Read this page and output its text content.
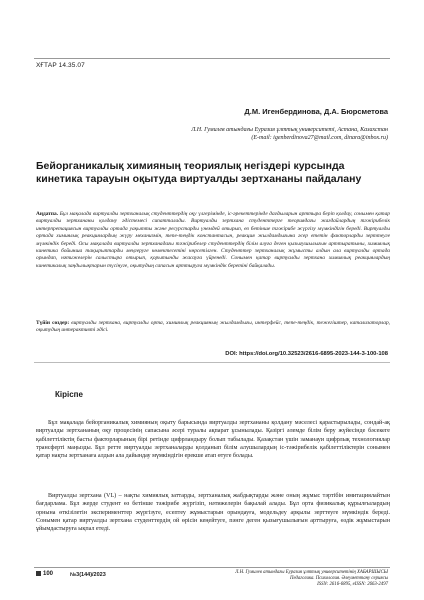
ХҒТАР 14.35.07
Д.М. Игенбердинова, Д.А. Бюрсметова
Л.Н. Гумилев атындағы Еуразия ұлттық университеті, Астана, Казахстан
(E-mail: igenberdinova27@mail.com, dinara@inbox.ru)
Бейорганикалық химияның теориялық негіздері курсында кинетика тарауын оқытуда виртуалды зертхананы пайдалану
Аңдатпа. Бұл мақалада виртуалды зертханалық студенттердің оқу үлгерімінде, іс-әрекеттерінде дағдыларын арттыра беріп қолдау, сонымен қатар виртуалды зертхананы қолдану әдістемесі сипатталады. Виртуалды зертхана студенттерге теориядағы жағдайлардың тәжірибелік интерпретациясын виртуалды ортада уақытты және ресурстарды үнемдей отырып, өз бетінше тәжірибе жүргізу мүмкіндігін береді. Виртуалды ортада химиялық реакциялардың жүру механизмін, тепе-теңдік константасын, реакция жылдамдығына әсер ететін факторларды зерттеуге мүмкіндік береді. Осы мақалада виртуалды зертханадағы тәжірибелер студенттердің білім алуға деген қызығушылығын арттыратыны, химиялық кинетика бойынша тақырыптарды меңгеруге көмектесетіні көрсетілген. Студенттер зертханалық жұмысты алдын ала виртуалды ортада орындап, нәтижелерін салыстыра отырып, қорытынды жасауға үйренеді. Сонымен қатар виртуалды зертхана химиялық реакциялардың кинетикалық заңдылықтарын түсінуге, оқытудың сапасын арттыруға мүмкіндік беретіні байқалады.
Түйін сөздер: виртуалды зертхана, виртуалды орта, химиялық реакцияның жылдамдығы, интерфейс, тепе-теңдік, тежегіштер, катализаторлар, оқытудың интерактивті әдісі.
DOI: https://doi.org/10.32523/2616-6895-2023-144-3-100-108
Кіріспе

Бұл мақалада бейорганикалық химияның оқыту барысында виртуалды зертхананы қолдану мәселесі қарастырылады, сондай-ақ виртуалды зертхананың оқу процесінің сапасына әсері туралы ақпарат ұсынылады. Қазіргі әлемде білім беру жүйесінде бәсекеге қабілеттіліктің басты факторларының бірі ретінде цифрландыру болып табылады. Қазақстан үшін заманауи цифрлық технологиялар трансферті маңызды. Бұл ретте виртуалды зертханаларды қолданып білім алушылардың іс-тәжірибелік қабілеттіліктерін сонымен қатар нақты зертханаға алдын ала дайындау мүмкіндігін ерекше атап өтуге болады.

Виртуалды зертхана (VL) – нақты химиялық заттарды, зертханалық жабдықтарды және оның жұмыс тәртібін имитациялайтын бағдарлама. Бұл жерде студент өз бетінше тәжірибе жүргізіп, нәтижелерін бақылай алады. Бұл орта физикалық құрылғылардың орнына өткізілетін эксперименттер жүргізуге, есептеу жұмыстарын орындауға, модельдеу арқылы зерттеуге мүмкіндік береді. Сонымен қатар виртуалды зертхана студенттердің ой өрісін кеңейтуге, пәнге деген қызығушылығын арттыруға, өздік жұмыстарын ұйымдастыруға ықпал етеді.

100	№3(144)/2023	Л.Н. Гумилев атындағы Еуразия ұлттық университетінің ХАБАРШЫСЫ
Педагогика. Психология. Әлеуметтану сериясы
ISSN: 2616-6895, eISSN: 2663-2497
